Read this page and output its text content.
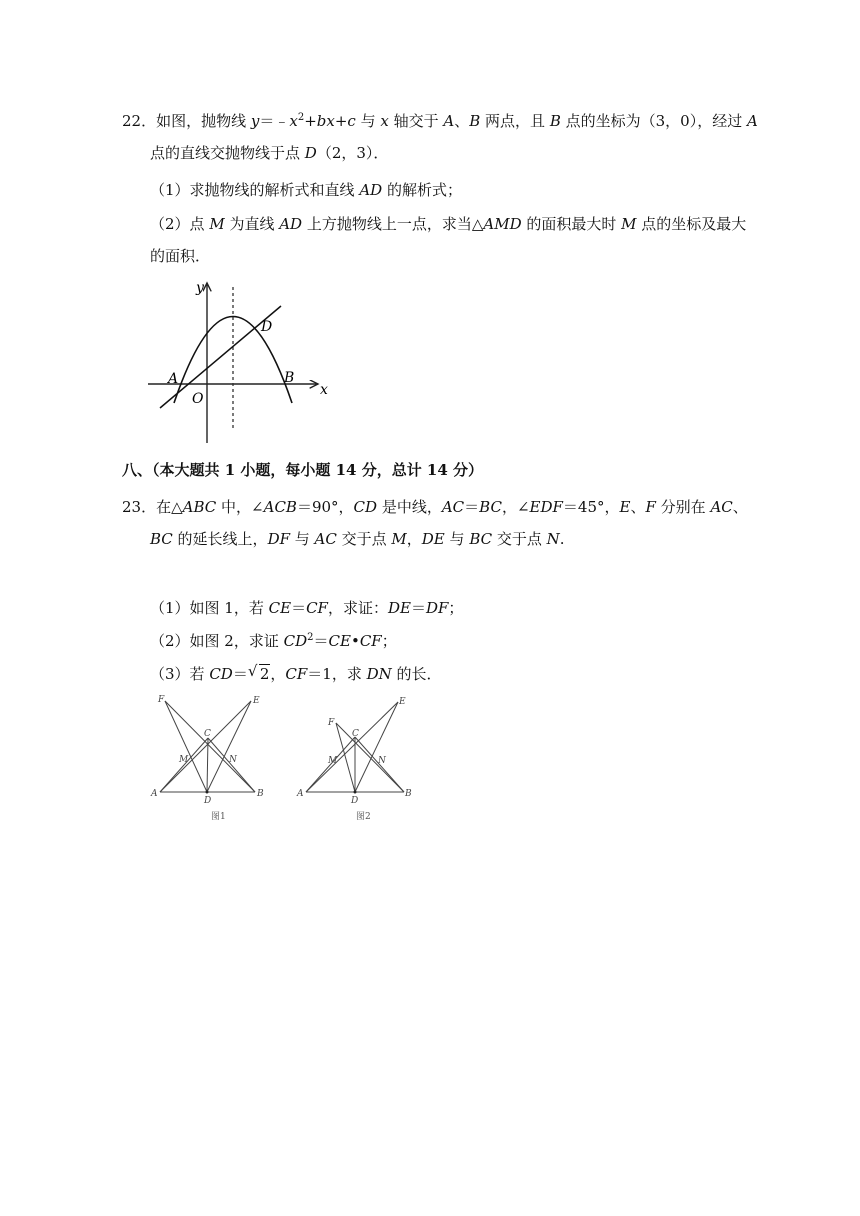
22．如图，抛物线 $y=﹣x^2+bx+c$ 与 x 轴交于 A、B 两点，且 B 点的坐标为（3，0），经过 A
点的直线交抛物线于点 D（2，3）．
（1）求抛物线的解析式和直线 AD 的解析式；
（2）点 M 为直线 AD 上方抛物线上一点，求当△AMD 的面积最大时 M 点的坐标及最大
的面积．
y
x
A
O
B
D
八、（本大题共 1 小题，每小题 14 分，总计 14 分）
23．在△ABC 中，∠ACB＝90°，CD 是中线，AC＝BC，∠EDF＝45°，E、F 分别在 AC、
BC 的延长线上，DF 与 AC 交于点 M，DE 与 BC 交于点 N.
（1）如图 1，若 CE＝CF，求证：DE＝DF；
（2）如图 2，求证 $CD^2=CE•CF$；
（3）若 CD＝ √ 2，CF＝1，求 DN 的长．
F	E
C
M	N
A
D
B
图1
F
E
C
M	N
A
D
B
图2
